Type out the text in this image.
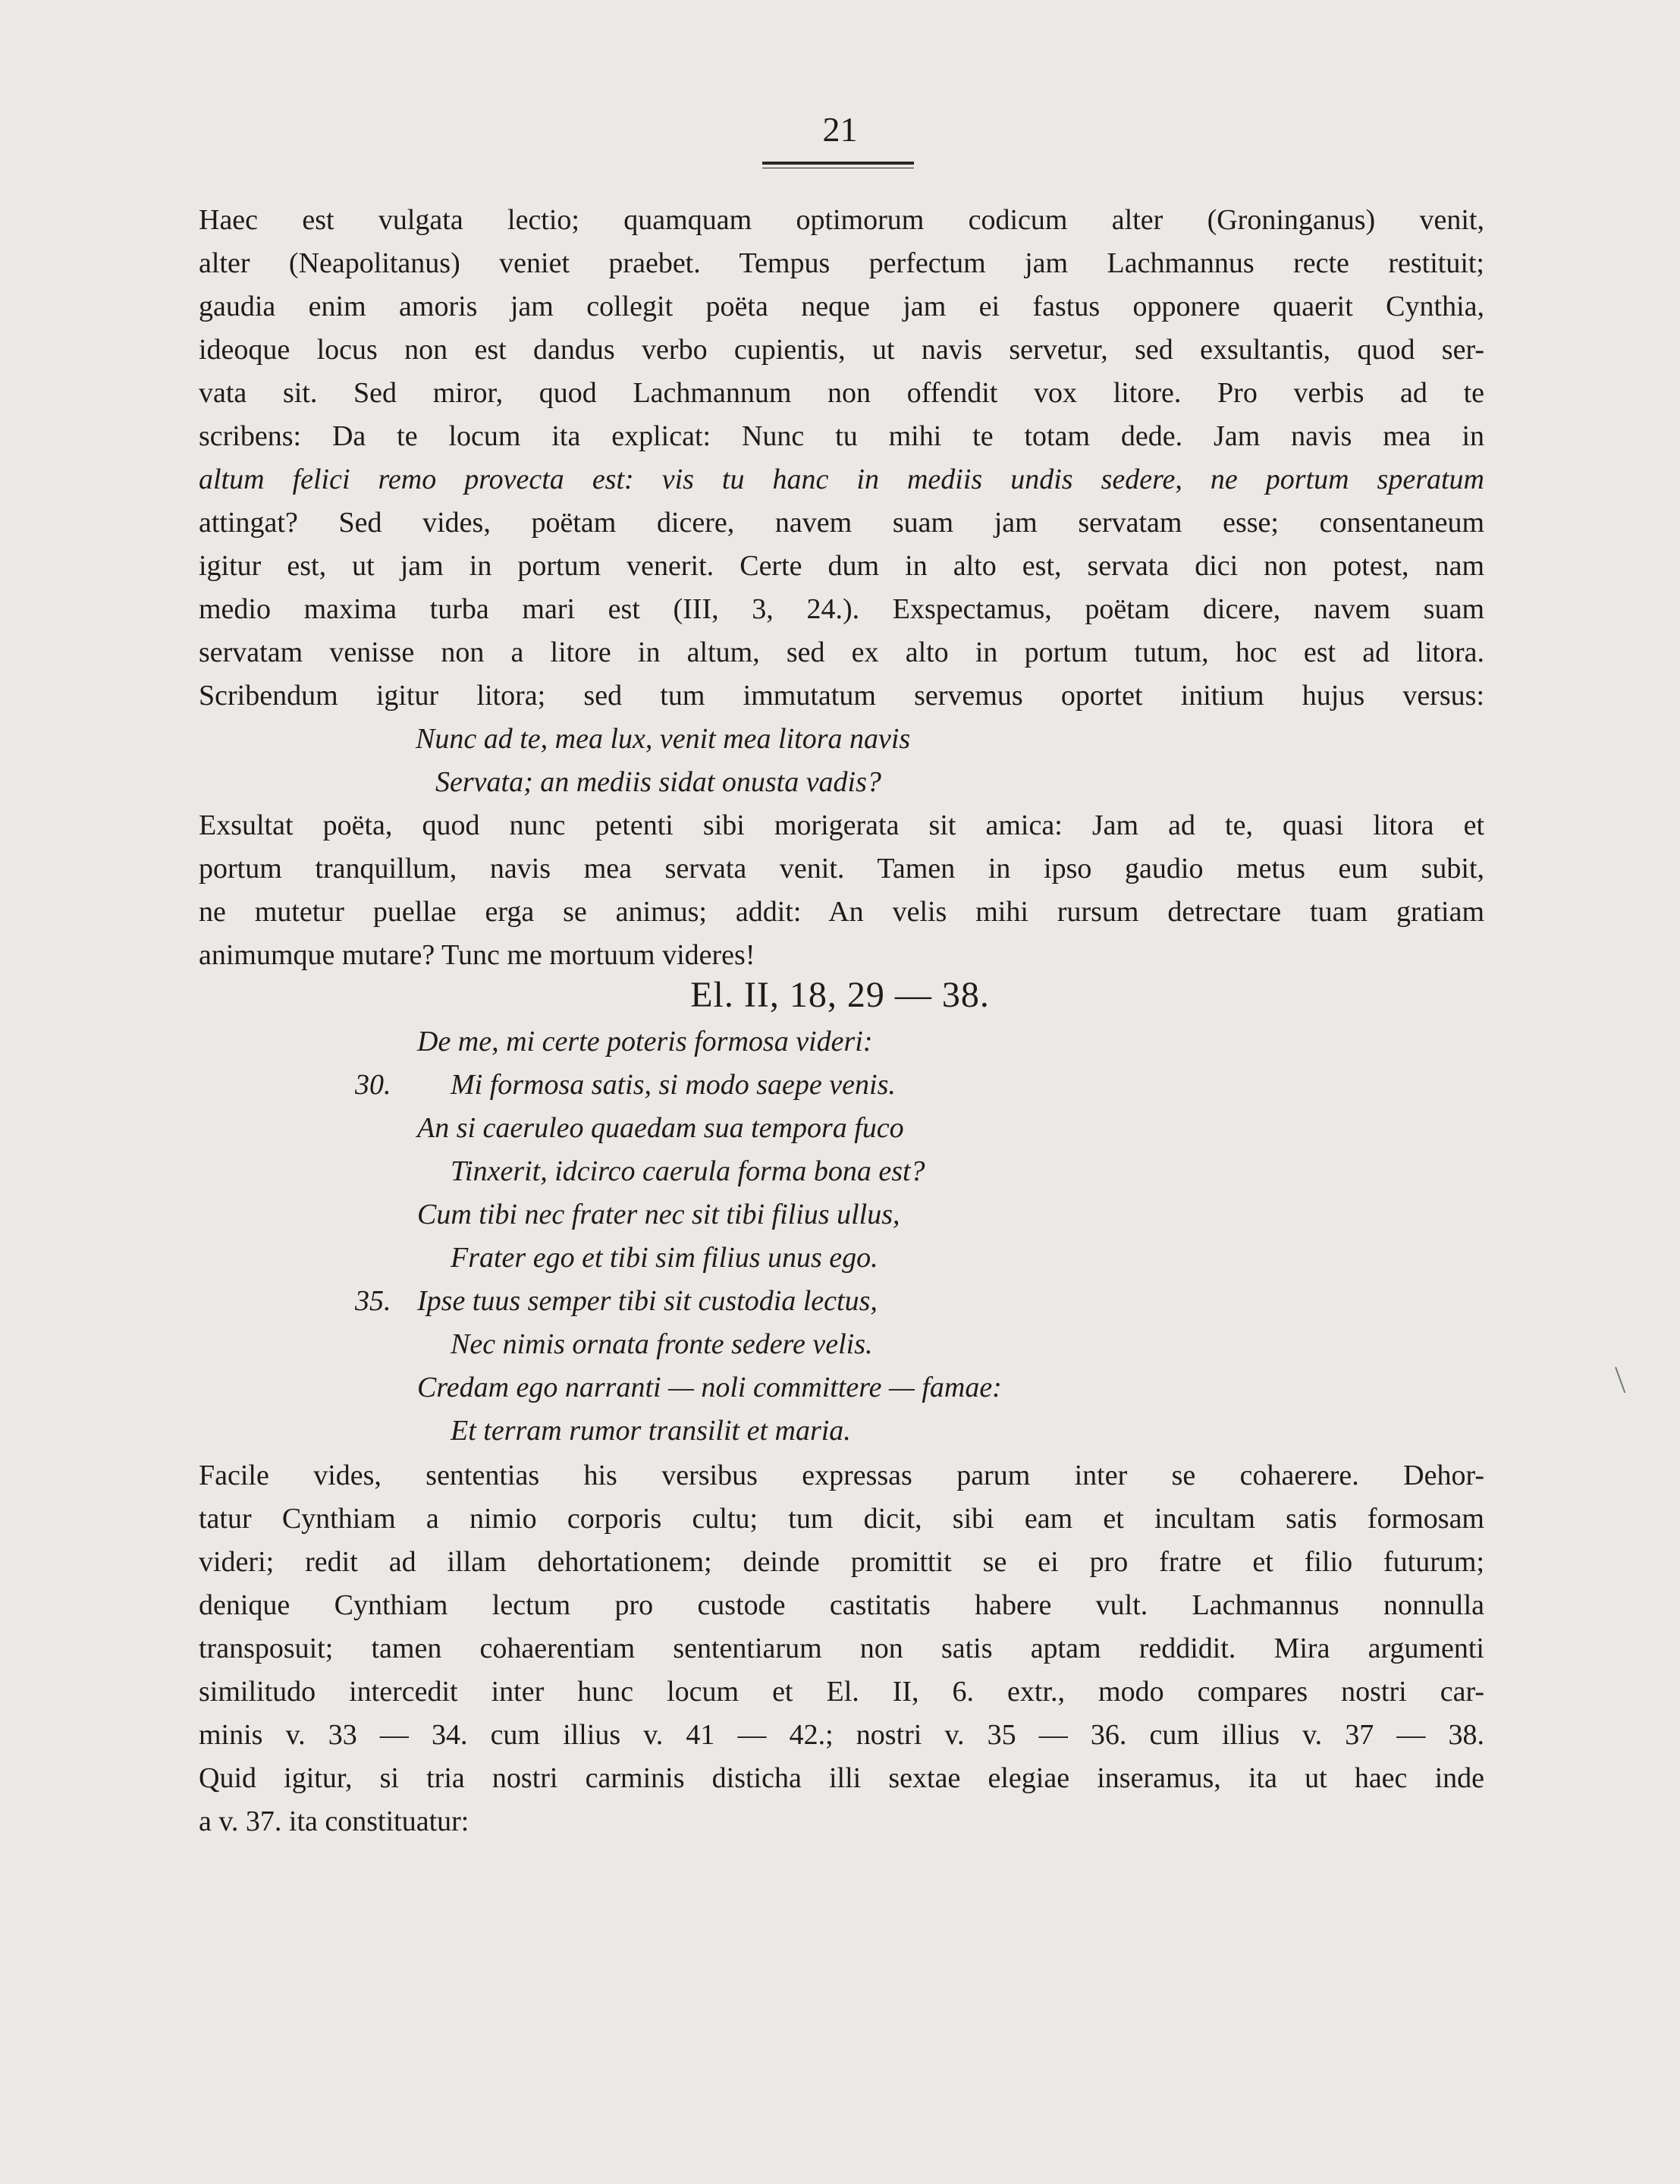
21

Haec est vulgata lectio; quamquam optimorum codicum alter (Groninganus) venit,

alter (Neapolitanus) veniet praebet. Tempus perfectum jam Lachmannus recte restituit;

gaudia enim amoris jam collegit poëta neque jam ei fastus opponere quaerit Cynthia,

ideoque locus non est dandus verbo cupientis, ut navis servetur, sed exsultantis, quod ser-

vata sit. Sed miror, quod Lachmannum non offendit vox litore. Pro verbis ad te

scribens: Da te locum ita explicat: Nunc tu mihi te totam dede. Jam navis mea in

altum felici remo provecta est: vis tu hanc in mediis undis sedere, ne portum speratum

attingat? Sed vides, poëtam dicere, navem suam jam servatam esse; consentaneum

igitur est, ut jam in portum venerit. Certe dum in alto est, servata dici non potest, nam

medio maxima turba mari est (III, 3, 24.). Exspectamus, poëtam dicere, navem suam

servatam venisse non a litore in altum, sed ex alto in portum tutum, hoc est ad litora.

Scribendum igitur litora; sed tum immutatum servemus oportet initium hujus versus:

Nunc ad te, mea lux, venit mea litora navis
Servata; an mediis sidat onusta vadis?

Exsultat poëta, quod nunc petenti sibi morigerata sit amica: Jam ad te, quasi litora et

portum tranquillum, navis mea servata venit. Tamen in ipso gaudio metus eum subit,

ne mutetur puellae erga se animus; addit: An velis mihi rursum detrectare tuam gratiam

animumque mutare? Tunc me mortuum videres!

El. II, 18, 29 — 38.
De me, mi certe poteris formosa videri:
Mi formosa satis, si modo saepe venis.
An si caeruleo quaedam sua tempora fuco
Tinxerit, idcirco caerula forma bona est?
Cum tibi nec frater nec sit tibi filius ullus,
Frater ego et tibi sim filius unus ego.
Ipse tuus semper tibi sit custodia lectus,
Nec nimis ornata fronte sedere velis.
Credam ego narranti — noli committere — famae:
Et terram rumor transilit et maria.
30.
35.

Facile vides, sententias his versibus expressas parum inter se cohaerere. Dehor-

tatur Cynthiam a nimio corporis cultu; tum dicit, sibi eam et incultam satis formosam

videri; redit ad illam dehortationem; deinde promittit se ei pro fratre et filio futurum;

denique Cynthiam lectum pro custode castitatis habere vult. Lachmannus nonnulla

transposuit; tamen cohaerentiam sententiarum non satis aptam reddidit. Mira argumenti

similitudo intercedit inter hunc locum et El. II, 6. extr., modo compares nostri car-

minis v. 33 — 34. cum illius v. 41 — 42.; nostri v. 35 — 36. cum illius v. 37 — 38.

Quid igitur, si tria nostri carminis disticha illi sextae elegiae inseramus, ita ut haec inde

a v. 37. ita constituatur:
